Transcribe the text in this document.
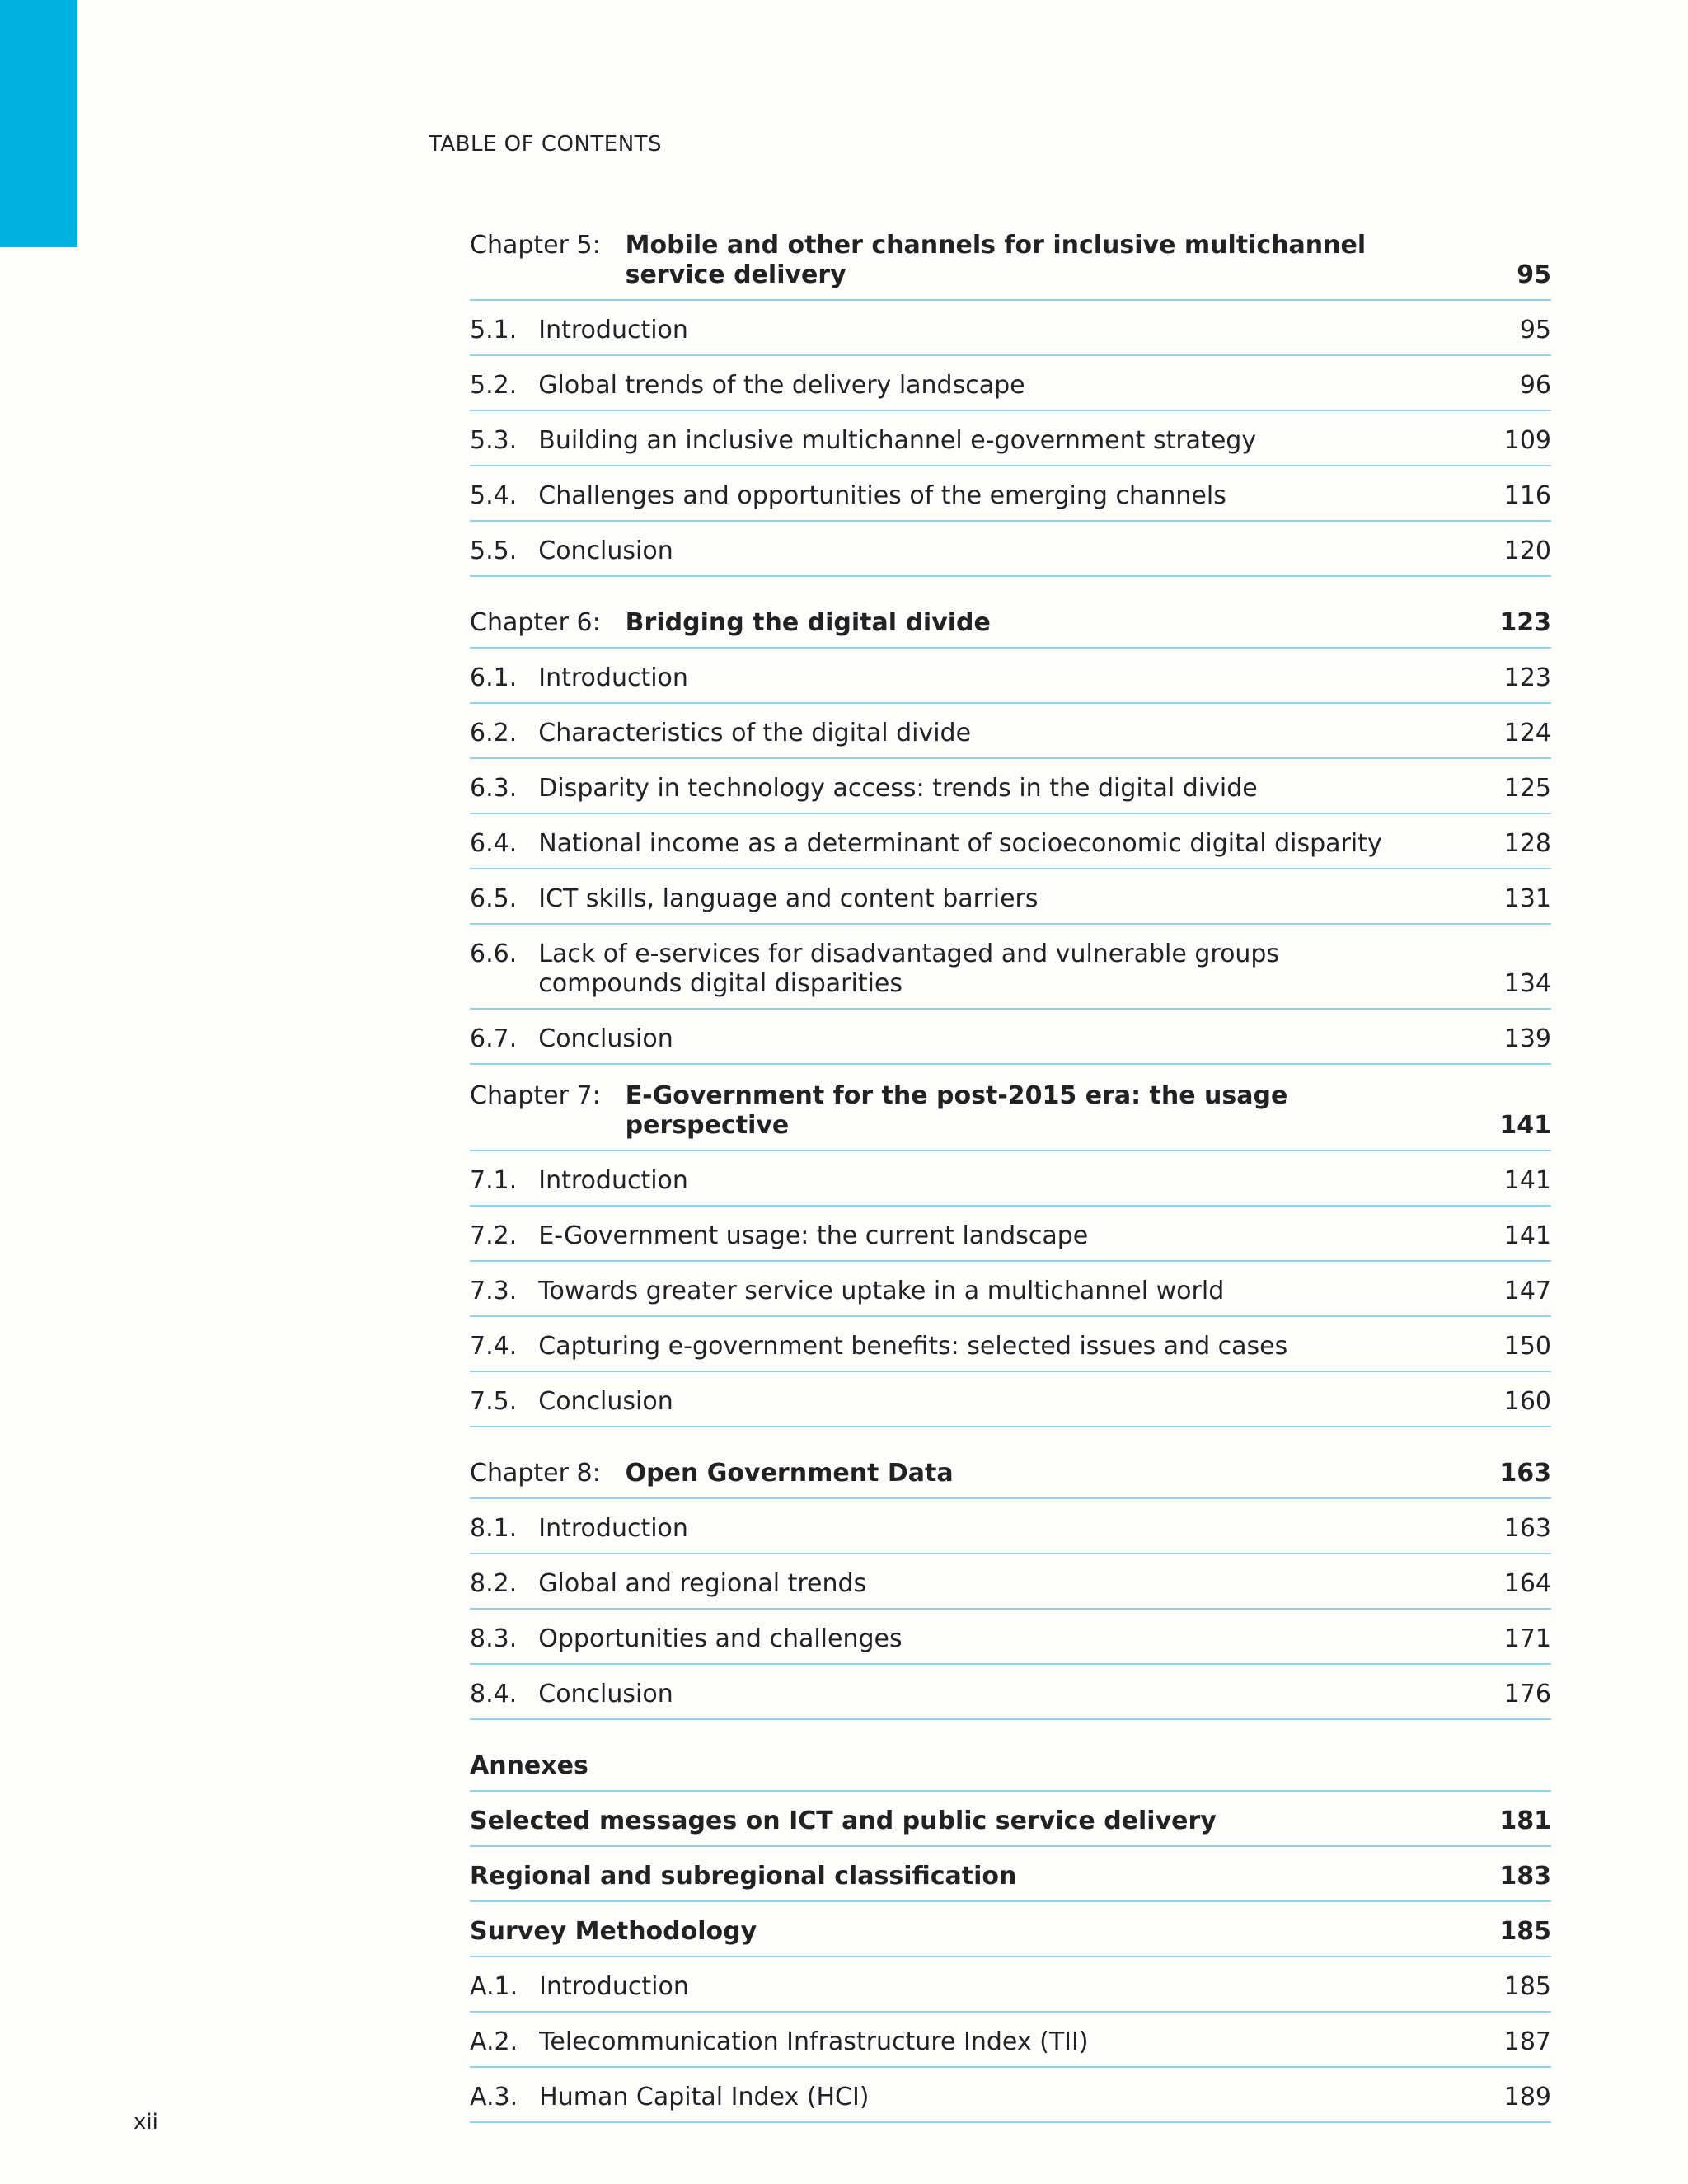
TABLE OF CONTENTS
Chapter 5: Mobile and other channels for inclusive multichannel service delivery	95
5.1. Introduction	95
5.2. Global trends of the delivery landscape	96
5.3. Building an inclusive multichannel e-government strategy	109
5.4. Challenges and opportunities of the emerging channels	116
5.5. Conclusion	120
Chapter 6: Bridging the digital divide	123
6.1. Introduction	123
6.2. Characteristics of the digital divide	124
6.3. Disparity in technology access: trends in the digital divide	125
6.4. National income as a determinant of socioeconomic digital disparity	128
6.5. ICT skills, language and content barriers	131
6.6. Lack of e-services for disadvantaged and vulnerable groups compounds digital disparities	134
6.7. Conclusion	139
Chapter 7: E-Government for the post-2015 era: the usage perspective	141
7.1. Introduction	141
7.2. E-Government usage: the current landscape	141
7.3. Towards greater service uptake in a multichannel world	147
7.4. Capturing e-government benefits: selected issues and cases	150
7.5. Conclusion	160
Chapter 8: Open Government Data	163
8.1. Introduction	163
8.2. Global and regional trends	164
8.3. Opportunities and challenges	171
8.4. Conclusion	176
Annexes
Selected messages on ICT and public service delivery	181
Regional and subregional classification	183
Survey Methodology	185
A.1. Introduction	185
A.2. Telecommunication Infrastructure Index (TII)	187
A.3. Human Capital Index (HCI)	189
xii
